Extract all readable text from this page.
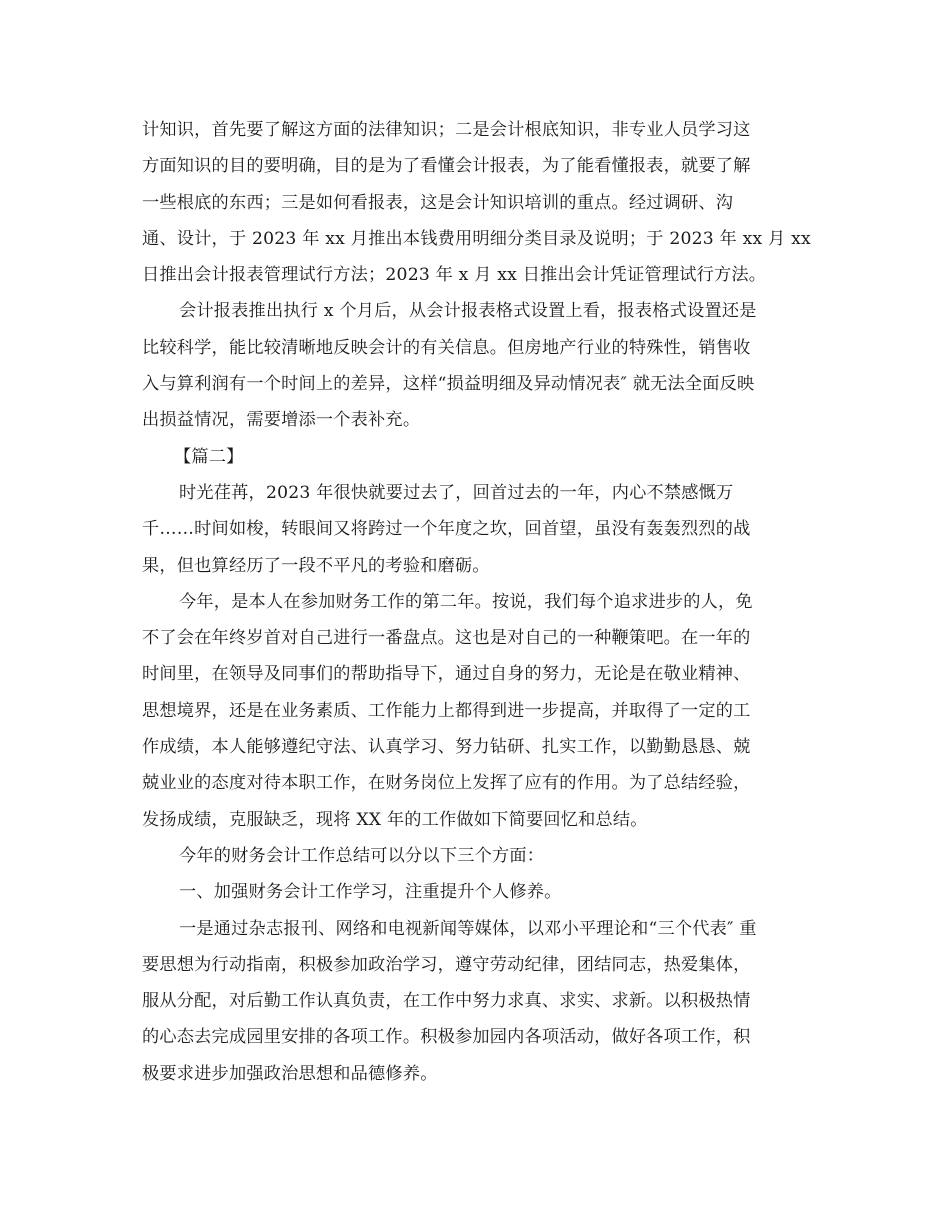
计知识，首先要了解这方面的法律知识；二是会计根底知识，非专业人员学习这
方面知识的目的要明确，目的是为了看懂会计报表，为了能看懂报表，就要了解
一些根底的东西；三是如何看报表，这是会计知识培训的重点。经过调研、沟
通、设计，于 2023 年 xx 月推出本钱费用明细分类目录及说明；于 2023 年 xx 月 xx
日推出会计报表管理试行方法；2023 年 x 月 xx 日推出会计凭证管理试行方法。
会计报表推出执行 x 个月后，从会计报表格式设置上看，报表格式设置还是
比较科学，能比较清晰地反映会计的有关信息。但房地产行业的特殊性，销售收
入与算利润有一个时间上的差异，这样“损益明细及异动情况表″ 就无法全面反映
出损益情况，需要增添一个表补充。
【篇二】
时光荏苒，2023 年很快就要过去了，回首过去的一年，内心不禁感慨万
千……时间如梭，转眼间又将跨过一个年度之坎，回首望，虽没有轰轰烈烈的战
果，但也算经历了一段不平凡的考验和磨砺。
今年，是本人在参加财务工作的第二年。按说，我们每个追求进步的人，免
不了会在年终岁首对自己进行一番盘点。这也是对自己的一种鞭策吧。在一年的
时间里，在领导及同事们的帮助指导下，通过自身的努力，无论是在敬业精神、
思想境界，还是在业务素质、工作能力上都得到进一步提高，并取得了一定的工
作成绩，本人能够遵纪守法、认真学习、努力钻研、扎实工作，以勤勤恳恳、兢
兢业业的态度对待本职工作，在财务岗位上发挥了应有的作用。为了总结经验，
发扬成绩，克服缺乏，现将 XX 年的工作做如下简要回忆和总结。
今年的财务会计工作总结可以分以下三个方面：
一、加强财务会计工作学习，注重提升个人修养。
一是通过杂志报刊、网络和电视新闻等媒体，以邓小平理论和“三个代表″ 重
要思想为行动指南，积极参加政治学习，遵守劳动纪律，团结同志，热爱集体，
服从分配，对后勤工作认真负责，在工作中努力求真、求实、求新。以积极热情
的心态去完成园里安排的各项工作。积极参加园内各项活动，做好各项工作，积
极要求进步加强政治思想和品德修养。
